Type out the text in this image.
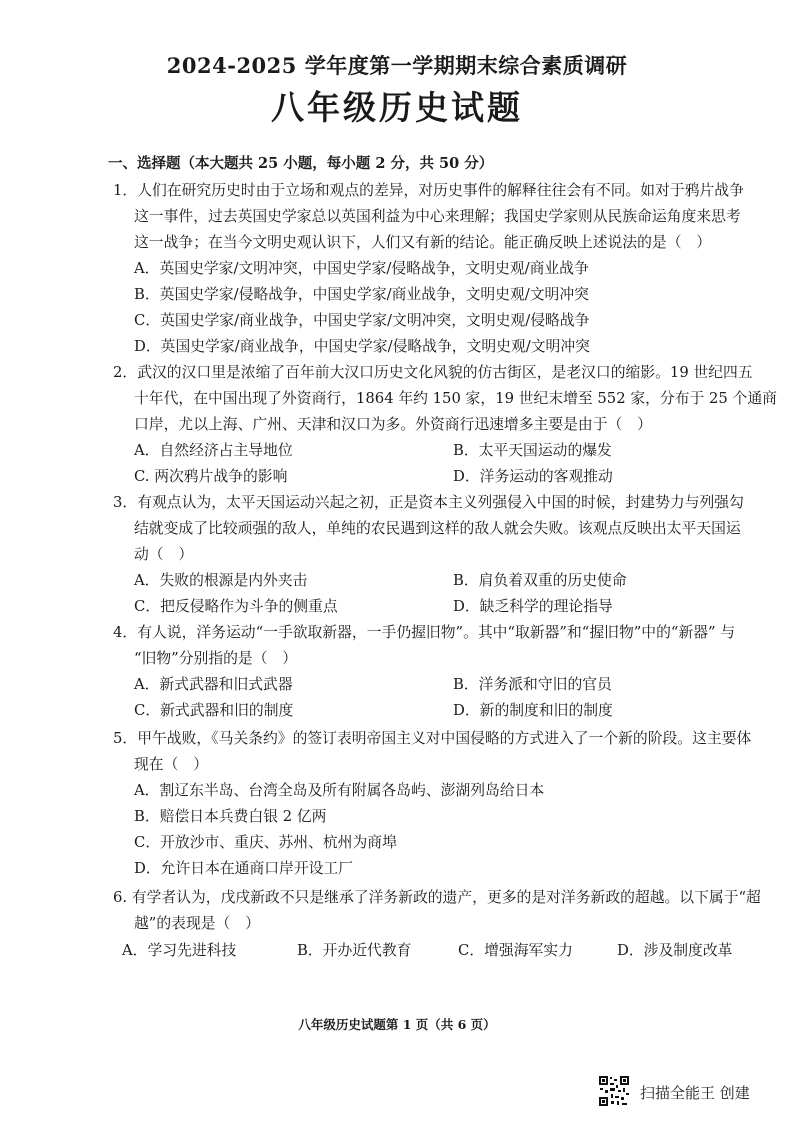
2024-2025 学年度第一学期期末综合素质调研
八年级历史试题
一、选择题（本大题共 25 小题，每小题 2 分，共 50 分）
1．人们在研究历史时由于立场和观点的差异，对历史事件的解释往往会有不同。如对于鸦片战争
这一事件，过去英国史学家总以英国利益为中心来理解；我国史学家则从民族命运角度来思考
这一战争；在当今文明史观认识下，人们又有新的结论。能正确反映上述说法的是（　）
A．英国史学家/文明冲突，中国史学家/侵略战争，文明史观/商业战争
B．英国史学家/侵略战争，中国史学家/商业战争，文明史观/文明冲突
C．英国史学家/商业战争，中国史学家/文明冲突，文明史观/侵略战争
D．英国史学家/商业战争，中国史学家/侵略战争，文明史观/文明冲突
2．武汉的汉口里是浓缩了百年前大汉口历史文化风貌的仿古街区，是老汉口的缩影。19 世纪四五
十年代，在中国出现了外资商行，1864 年约 150 家，19 世纪末增至 552 家，分布于 25 个通商
口岸，尤以上海、广州、天津和汉口为多。外资商行迅速增多主要是由于（　）
A．自然经济占主导地位	B．太平天国运动的爆发
C. 两次鸦片战争的影响	D．洋务运动的客观推动
3．有观点认为，太平天国运动兴起之初，正是资本主义列强侵入中国的时候，封建势力与列强勾
结就变成了比较顽强的敌人，单纯的农民遇到这样的敌人就会失败。该观点反映出太平天国运
动（　）
A．失败的根源是内外夹击	B．肩负着双重的历史使命
C．把反侵略作为斗争的侧重点	D．缺乏科学的理论指导
4．有人说，洋务运动“一手欲取新器，一手仍握旧物”。其中“取新器”和“握旧物”中的“新器” 与
“旧物”分别指的是（　）
A．新式武器和旧式武器	B．洋务派和守旧的官员
C．新式武器和旧的制度	D．新的制度和旧的制度
5．甲午战败，《马关条约》的签订表明帝国主义对中国侵略的方式进入了一个新的阶段。这主要体
现在（　）
A．割辽东半岛、台湾全岛及所有附属各岛屿、澎湖列岛给日本
B．赔偿日本兵费白银 2 亿两
C．开放沙市、重庆、苏州、杭州为商埠
D．允许日本在通商口岸开设工厂
6. 有学者认为，戊戌新政不只是继承了洋务新政的遗产，更多的是对洋务新政的超越。以下属于“超
越”的表现是（　）
A．学习先进科技	B．开办近代教育	C．增强海军实力	D．涉及制度改革
八年级历史试题第 1 页（共 6 页）
扫描全能王 创建
